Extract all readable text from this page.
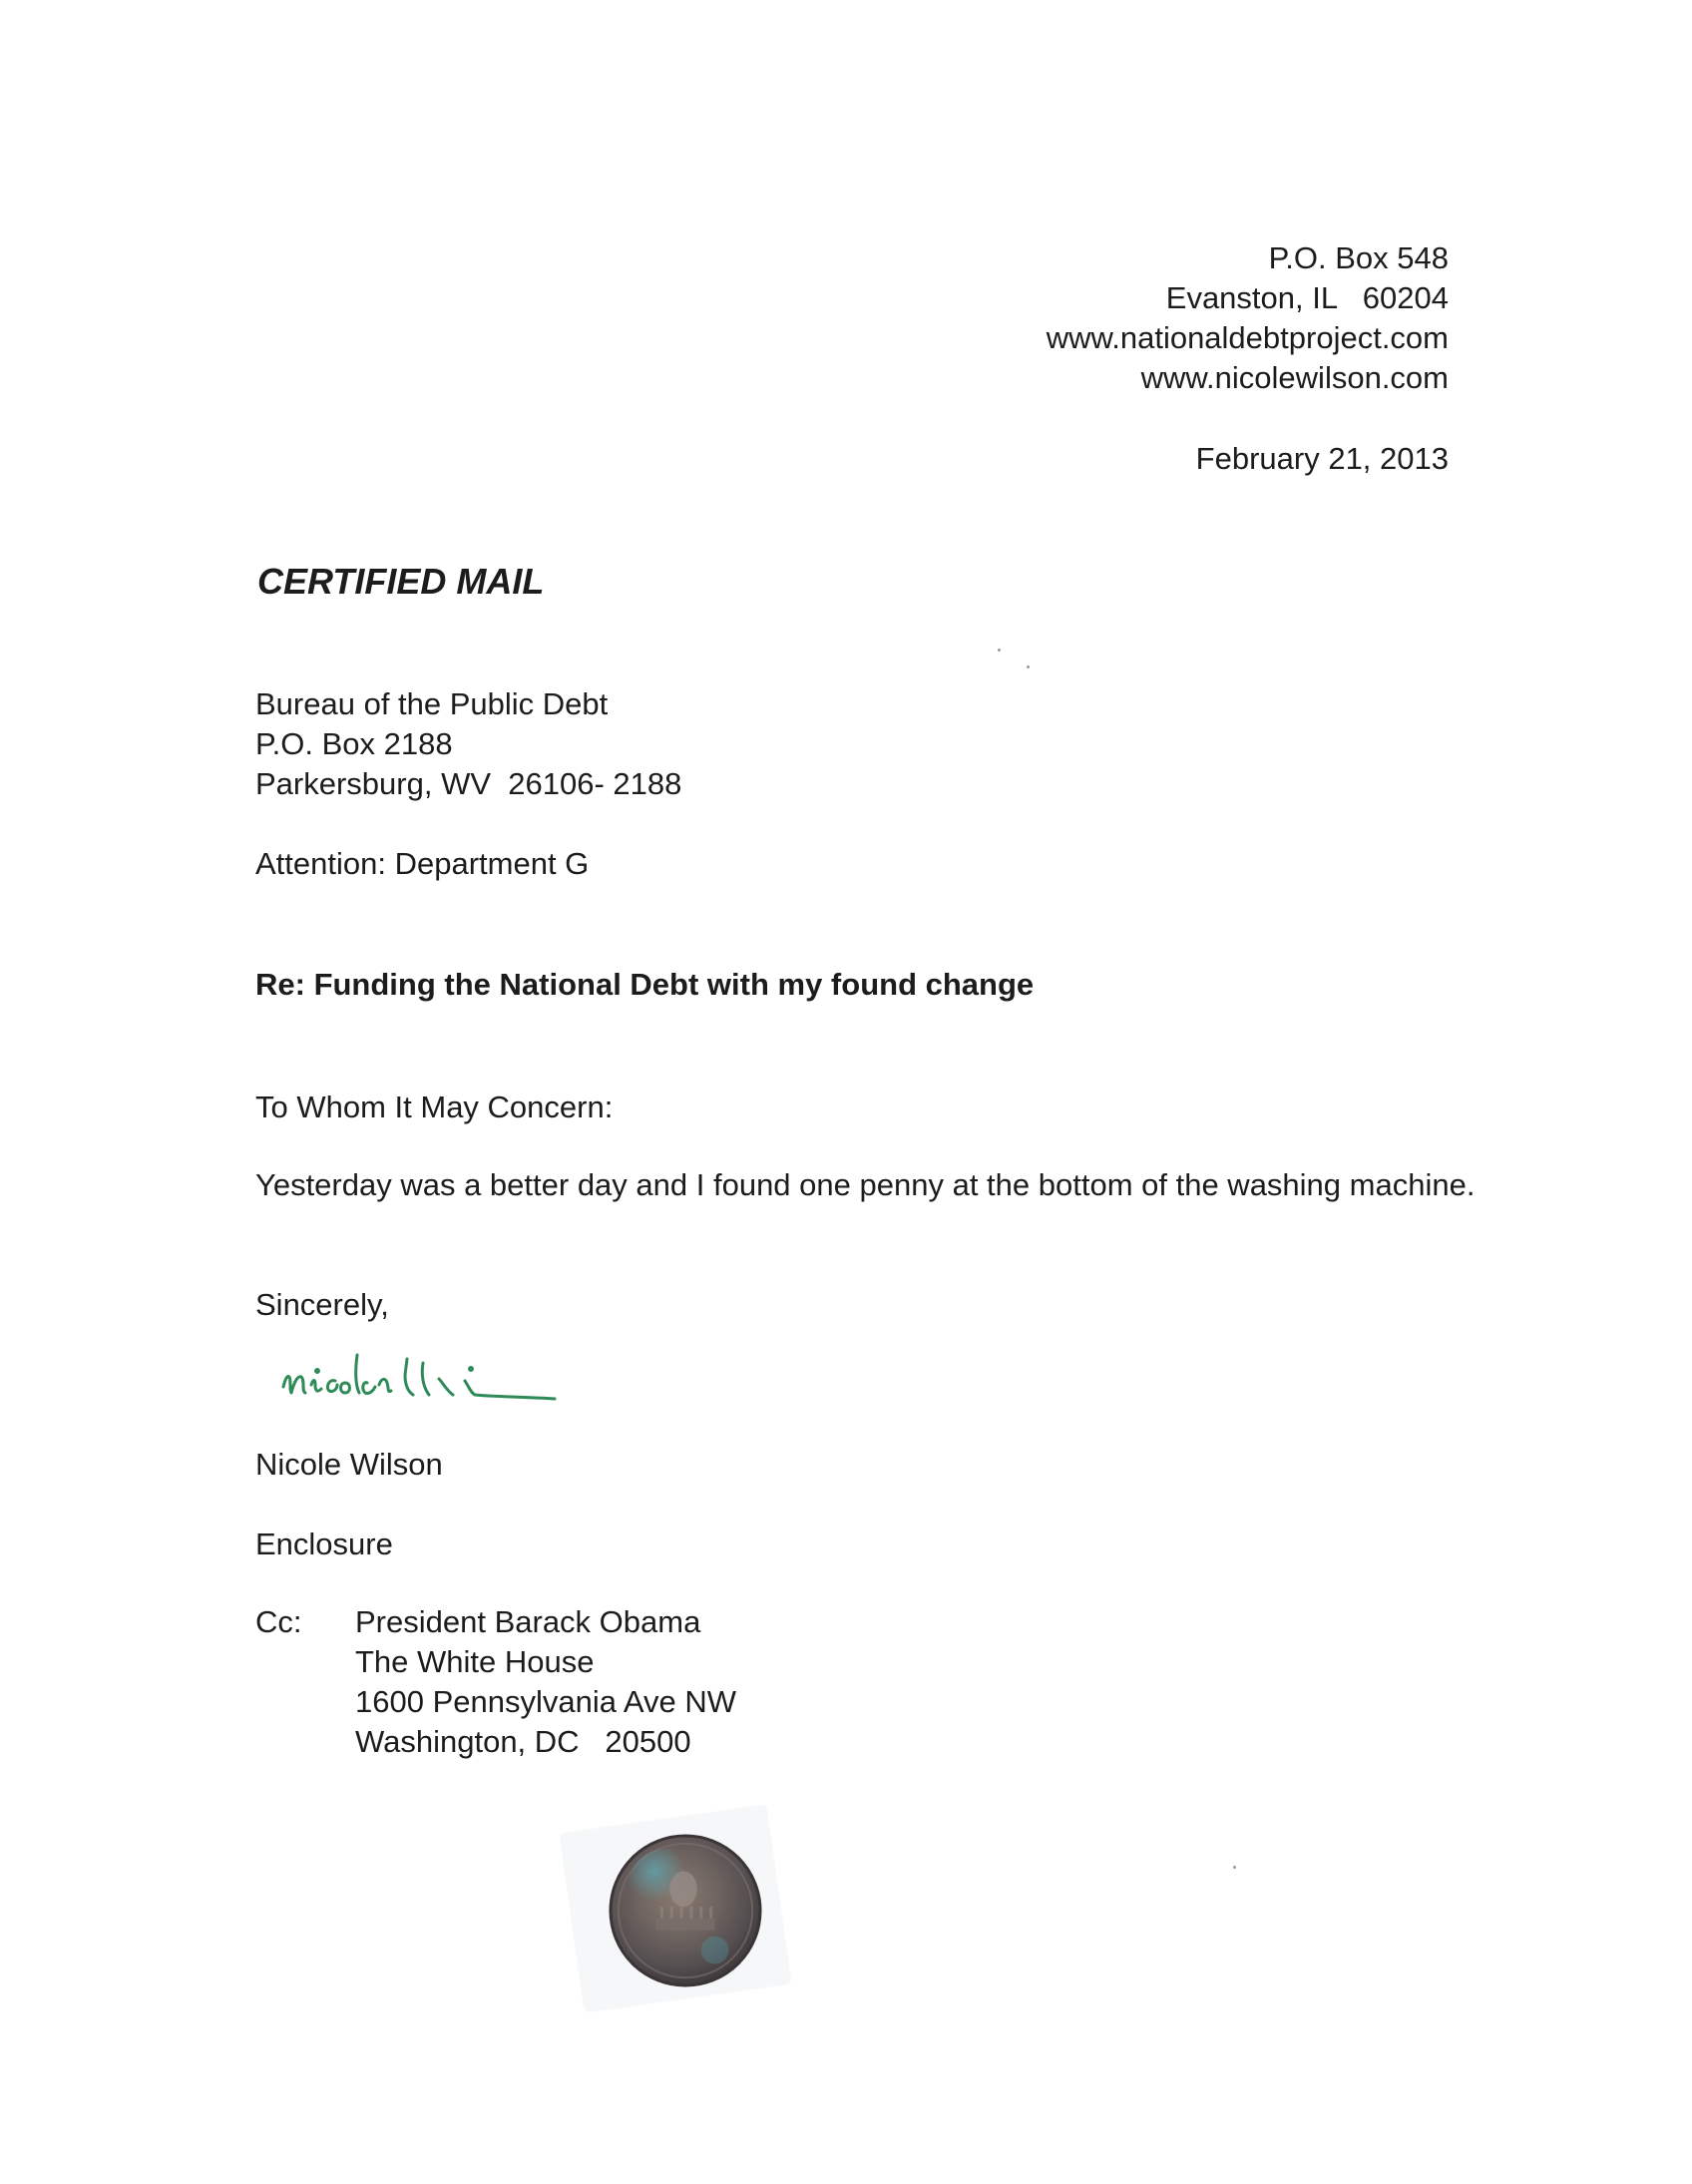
P.O. Box 548
Evanston, IL   60204
www.nationaldebtproject.com
www.nicolewilson.com
February 21, 2013
CERTIFIED MAIL
Bureau of the Public Debt
P.O. Box 2188
Parkersburg, WV  26106- 2188
Attention: Department G
Re: Funding the National Debt with my found change
To Whom It May Concern:
Yesterday was a better day and I found one penny at the bottom of the washing machine.
Sincerely,
Nicole Wilson
Enclosure
Cc: President Barack Obama
The White House
1600 Pennsylvania Ave NW
Washington, DC   20500
